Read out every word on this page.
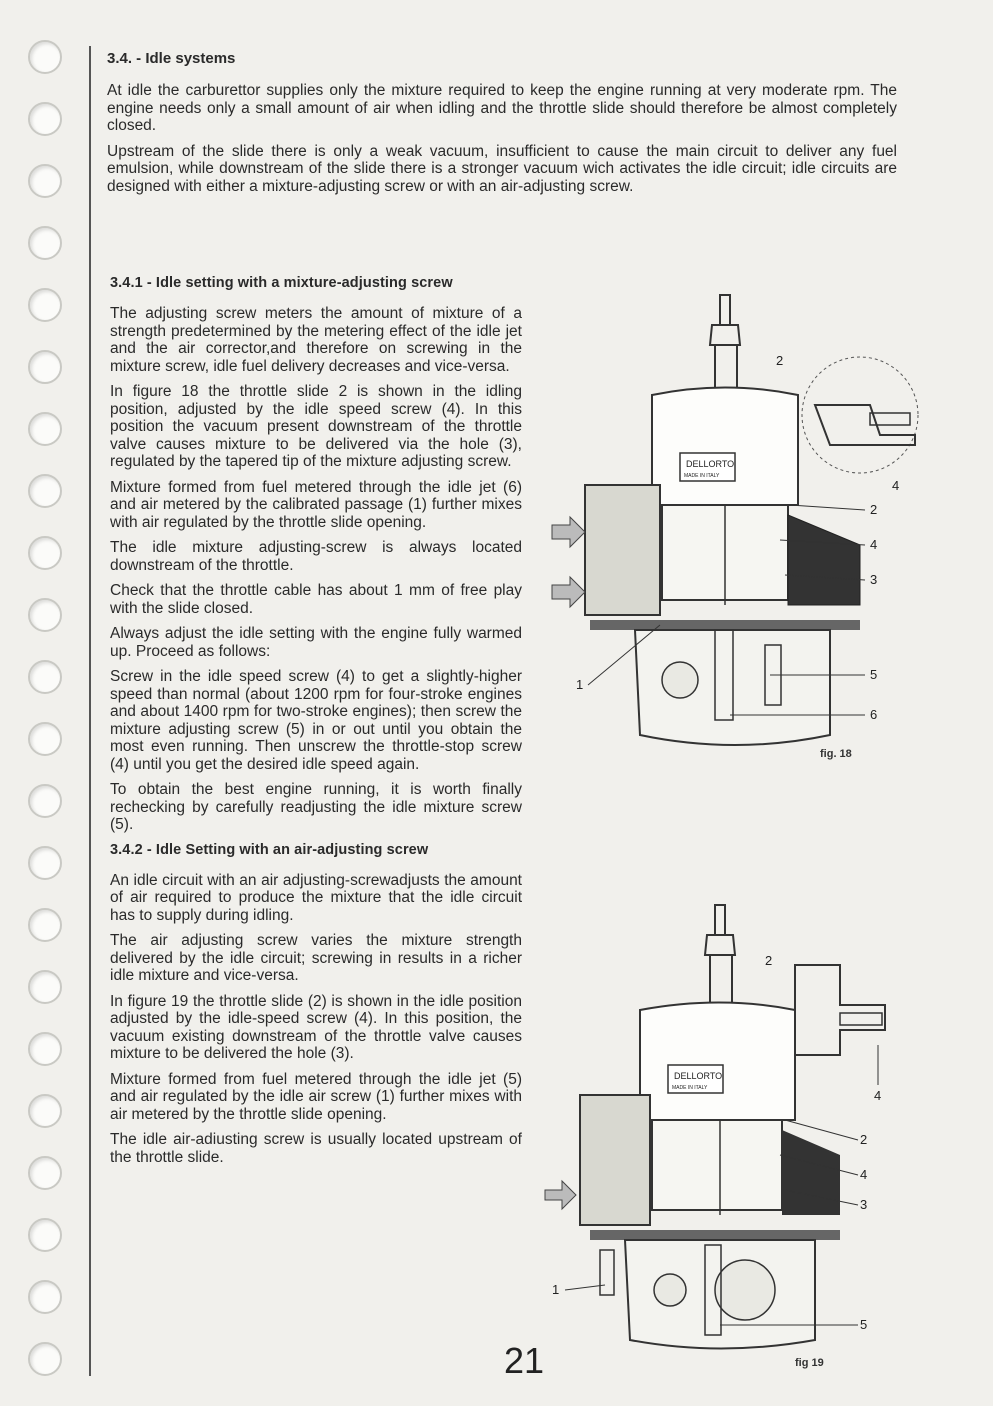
3.4. - Idle systems

At idle the carburettor supplies only the mixture required to keep the engine running at very moderate rpm. The engine needs only a small amount of air when idling and the throttle slide should therefore be almost completely closed.

Upstream of the slide there is only a weak vacuum, insufficient to cause the main circuit to deliver any fuel emulsion, while downstream of the slide there is a stronger vacuum wich activates the idle circuit; idle circuits are designed with either a mixture-adjusting screw or with an air-adjusting screw.

3.4.1 - Idle setting with a mixture-adjusting screw

The adjusting screw meters the amount of mixture of a strength predetermined by the metering effect of the idle jet and the air corrector,and therefore on screwing in the mixture screw, idle fuel delivery decreases and vice-versa.

In figure 18 the throttle slide 2 is shown in the idling position, adjusted by the idle speed screw (4). In this position the vacuum present downstream of the throttle valve causes mixture to be delivered via the hole (3), regulated by the tapered tip of the mixture adjusting screw.

Mixture formed from fuel metered through the idle jet (6) and air metered by the calibrated passage (1) further mixes with air regulated by the throttle slide opening.

The idle mixture adjusting-screw is always located downstream of the throttle.

Check that the throttle cable has about 1 mm of free play with the slide closed.

Always adjust the idle setting with the engine fully warmed up. Proceed as follows:

Screw in the idle speed screw (4) to get a slightly-higher speed than normal (about 1200 rpm for four-stroke engines and about 1400 rpm for two-stroke engines); then screw the mixture adjusting screw (5) in or out until you obtain the most even running. Then unscrew the throttle-stop screw (4) until you get the desired idle speed again.

To obtain the best engine running, it is worth finally rechecking by carefully readjusting the idle mixture screw (5).

3.4.2 - Idle Setting with an air-adjusting screw

An idle circuit with an air adjusting-screwadjusts the amount of air required to produce the mixture that the idle circuit has to supply during idling.

The air adjusting screw varies the mixture strength delivered by the idle circuit; screwing in results in a richer idle mixture and vice-versa.

In figure 19 the throttle slide (2) is shown in the idle position adjusted by the idle-speed screw (4). In this position, the vacuum existing downstream of the throttle valve causes mixture to be delivered the hole (3).

Mixture formed from fuel metered through the idle jet (5) and air regulated by the idle air screw (1) further mixes with air metered by the throttle slide opening.

The idle air-adiusting screw is usually located upstream of the throttle slide.

DELLORTO
MADE IN ITALY
2
4
2
4
3
1
5
6
fig. 18
DELLORTO
MADE IN ITALY
2
4
2
4
3
1
5
fig 19
21
